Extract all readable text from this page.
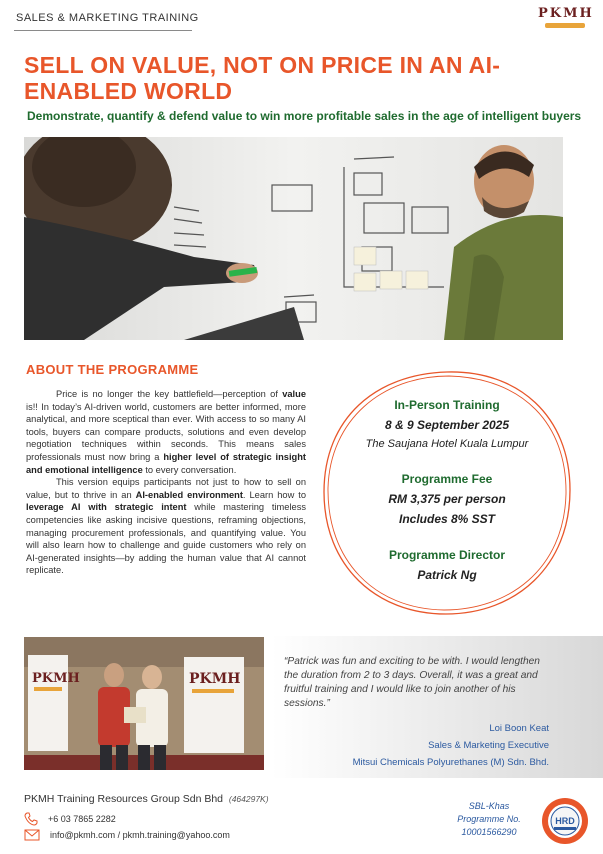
SALES & MARKETING TRAINING	PKMH
SELL ON VALUE, NOT ON PRICE IN AN AI-
ENABLED WORLD
Demonstrate, quantify & defend value to win more profitable sales in the age of intelligent buyers
ABOUT THE PROGRAMME

Price is no longer the key battlefield—perception of value is!! In today’s AI-driven world, customers are better informed, more analytical, and more sceptical than ever. With access to so many AI tools, buyers can compare products, solutions and even develop negotiation techniques within seconds. This means sales professionals must now bring a higher level of strategic insight and emotional intelligence to every conversation.

This version equips participants not just to how to sell on value, but to thrive in an AI-enabled environment. Learn how to leverage AI with strategic intent while mastering timeless competencies like asking incisive questions, reframing objections, managing procurement professionals, and quantifying value. You will also learn how to challenge and guide customers who rely on AI-generated insights—by adding the human value that AI cannot replicate.

In-Person Training
8 & 9 September 2025
The Saujana Hotel Kuala Lumpur
Programme Fee
RM 3,375 per person
Includes 8% SST
Programme Director
Patrick Ng
PKMH	PKMH
“Patrick was fun and exciting to be with. I would lengthen the duration from 2 to 3 days. Overall, it was a great and fruitful training and I would like to join another of his sessions.”
Loi Boon Keat
Sales & Marketing Executive
Mitsui Chemicals Polyurethanes (M) Sdn. Bhd.
PKMH Training Resources Group Sdn Bhd (464297K)
+6 03 7865 2282
info@pkmh.com / pkmh.training@yahoo.com
SBL-Khas
Programme No.
10001566290
HRD
